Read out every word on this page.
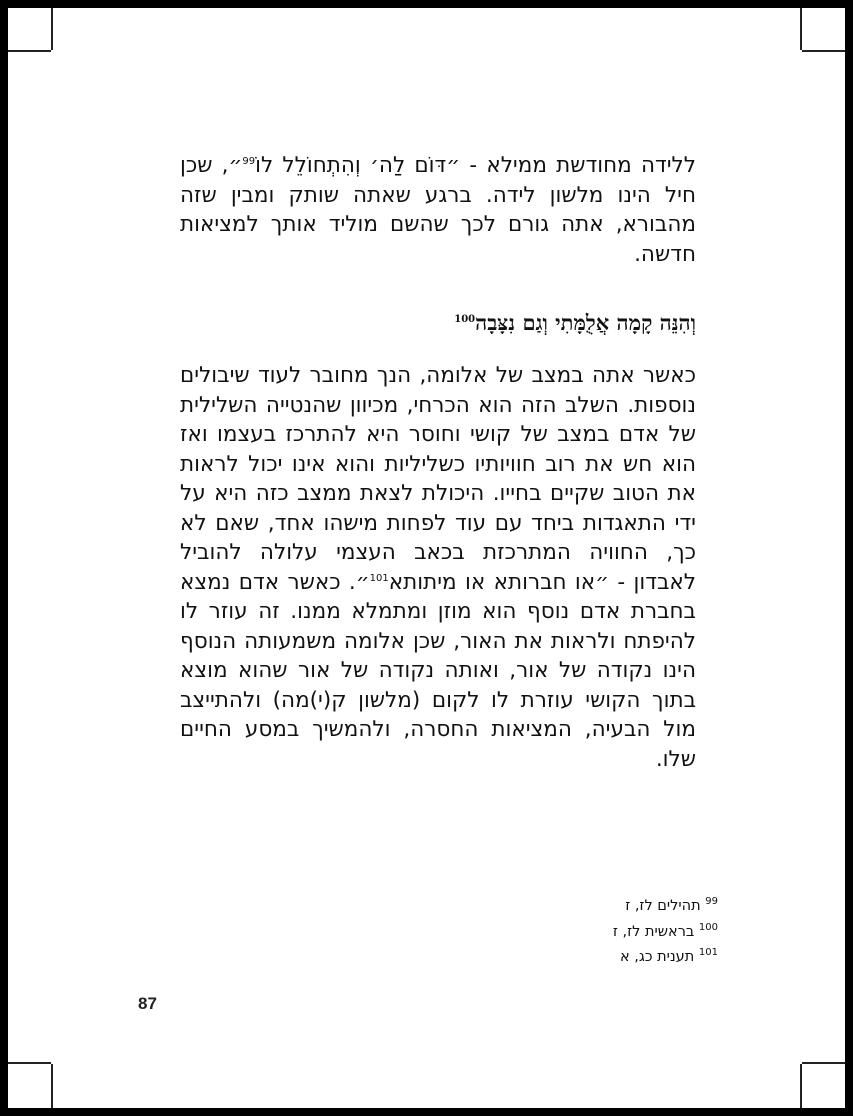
ללידה מחודשת ממילא - ״דּוֹם לַה׳ וְהִתְחוֹלֵל לוֹ$^{99}$״, שכן חיל הינו מלשון לידה. ברגע שאתה שותק ומבין שזה מהבורא, אתה גורם לכך שהשם מוליד אותך למציאות חדשה.

וְהִנֵּה קָמָה אֲלֻמָּתִי וְגַם נִצָּבָה$^{100}$

כאשר אתה במצב של אלומה, הנך מחובר לעוד שיבולים נוספות. השלב הזה הוא הכרחי, מכיוון שהנטייה השלילית של אדם במצב של קושי וחוסר היא להתרכז בעצמו ואז הוא חש את רוב חוויותיו כשליליות והוא אינו יכול לראות את הטוב שקיים בחייו. היכולת לצאת ממצב כזה היא על ידי התאגדות ביחד עם עוד לפחות מישהו אחד, שאם לא כך, החוויה המתרכזת בכאב העצמי עלולה להוביל לאבדון - ״או חברותא או מיתותא$^{101}$״. כאשר אדם נמצא בחברת אדם נוסף הוא מוזן ומתמלא ממנו. זה עוזר לו להיפתח ולראות את האור, שכן אלומה משמעותה הנוסף הינו נקודה של אור, ואותה נקודה של אור שהוא מוצא בתוך הקושי עוזרת לו לקום (מלשון ק(י)מה) ולהתייצב מול הבעיה, המציאות החסרה, ולהמשיך במסע החיים שלו.

$^{99}$ תהילים לז, ז
$^{100}$ בראשית לז, ז
$^{101}$ תענית כג, א
87
